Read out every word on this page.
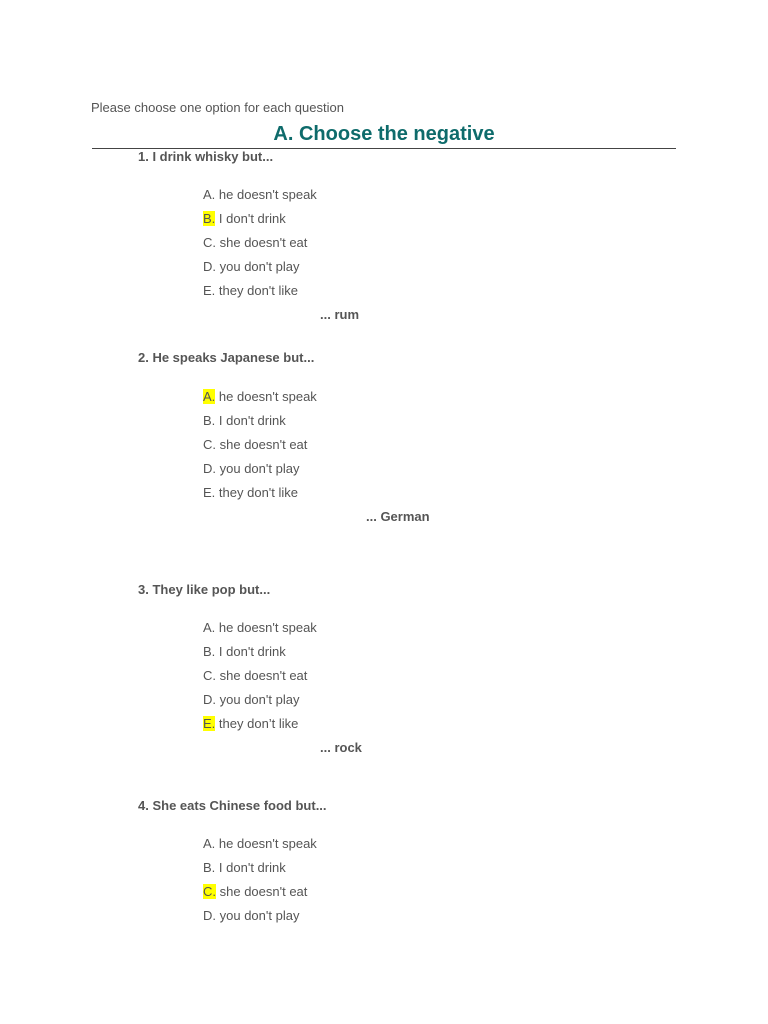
Please choose one option for each question
A. Choose the negative
1. I drink whisky but...
A. he doesn't speak
B. I don't drink
C. she doesn't eat
D. you don't play
E. they don't like
... rum
2. He speaks Japanese but...
A. he doesn't speak
B. I don't drink
C. she doesn't eat
D. you don't play
E. they don't like
... German
3. They like pop but...
A. he doesn't speak
B. I don't drink
C. she doesn't eat
D. you don't play
E. they don’t like
... rock
4. She eats Chinese food but...
A. he doesn't speak
B. I don't drink
C. she doesn't eat
D. you don't play
